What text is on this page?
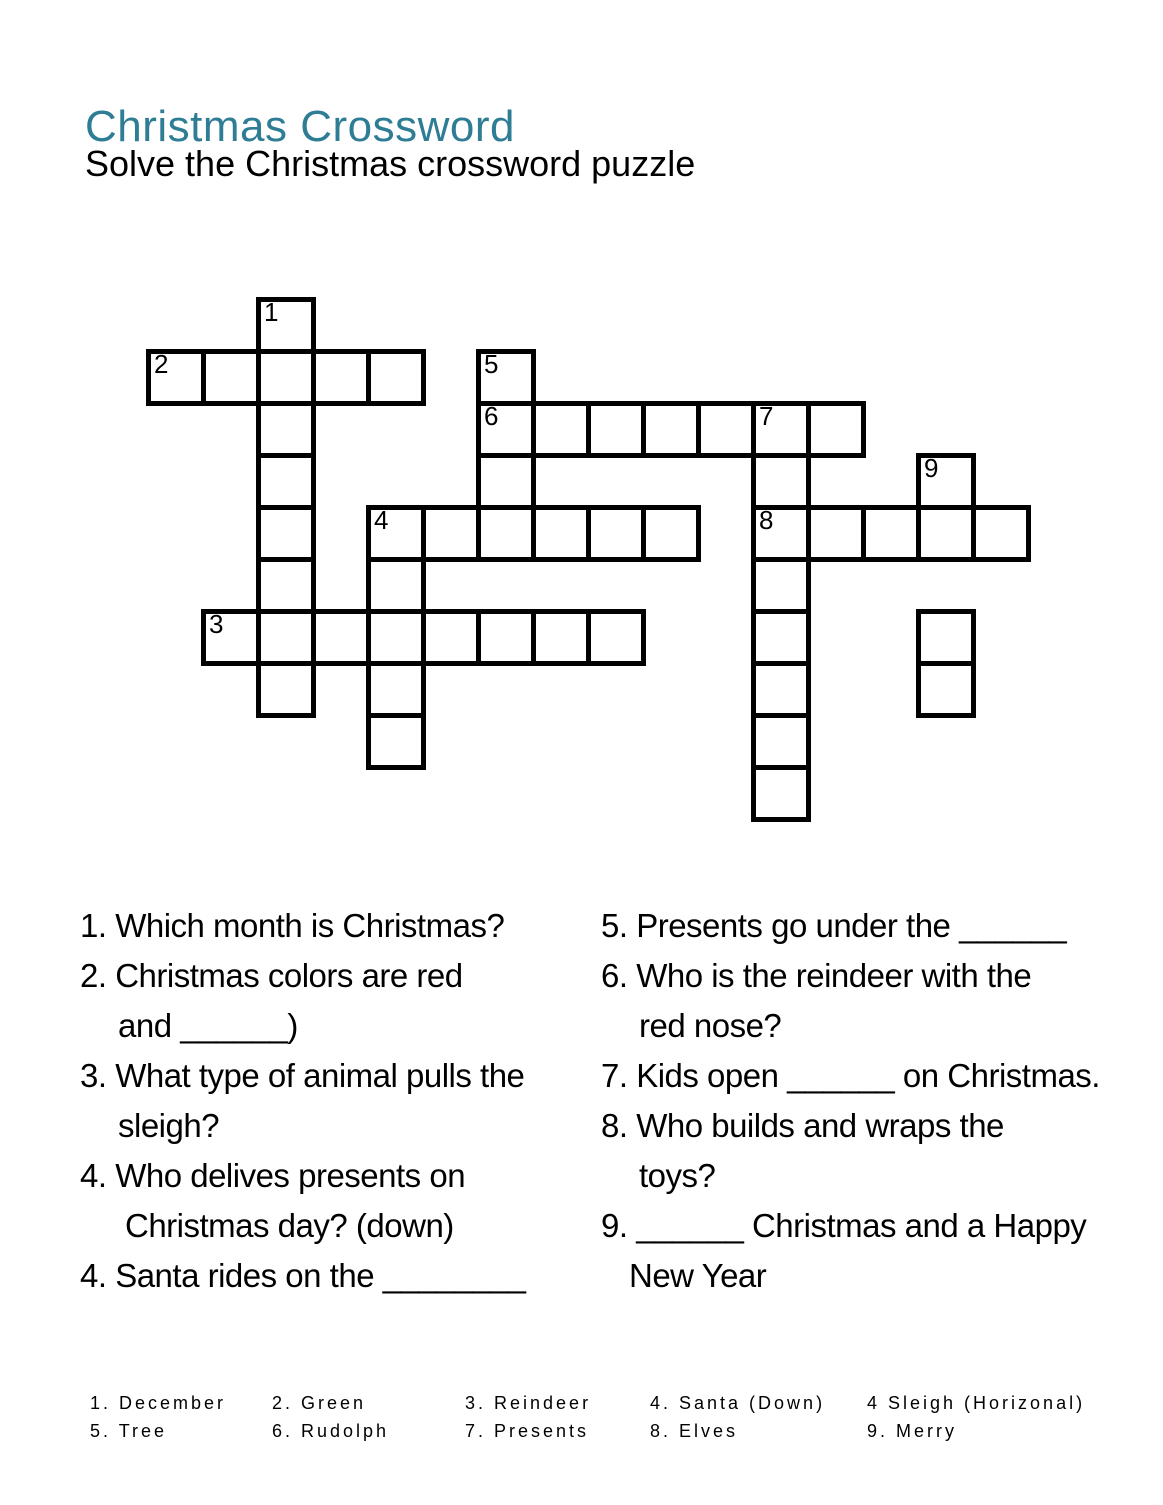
Christmas Crossword
Solve the Christmas crossword puzzle
1
2	5
6	7
9
4	8
3
1. Which month is Christmas?
2. Christmas colors are red
and ______)
3. What type of animal pulls the
sleigh?
4. Who delives presents on
Christmas day? (down)
4. Santa rides on the ________
5. Presents go under the ______
6. Who is the reindeer with the
red nose?
7. Kids open ______ on Christmas.
8. Who builds and wraps the
toys?
9. ______ Christmas and a Happy
New Year
1. December	2. Green	3. Reindeer	4. Santa (Down) 4 Sleigh (Horizonal)
5. Tree	6. Rudolph	7. Presents	8. Elves	9. Merry
